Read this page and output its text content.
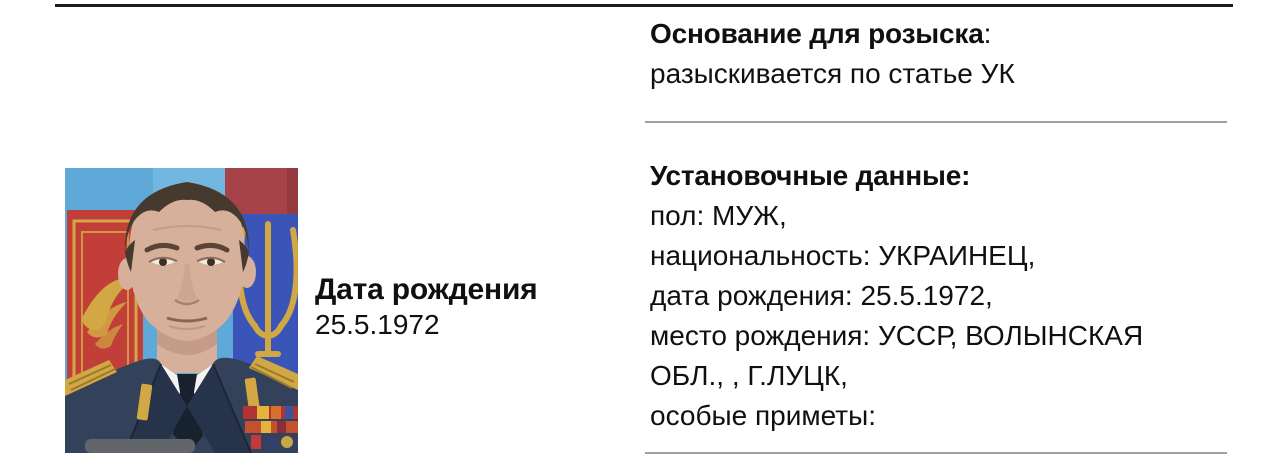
Дата рождения
25.5.1972
Основание для розыска:
разыскивается по статье УК
Установочные данные:
пол: МУЖ,
национальность: УКРАИНЕЦ,
дата рождения: 25.5.1972,
место рождения: УССР, ВОЛЫНСКАЯ
ОБЛ., , Г.ЛУЦК,
особые приметы:
